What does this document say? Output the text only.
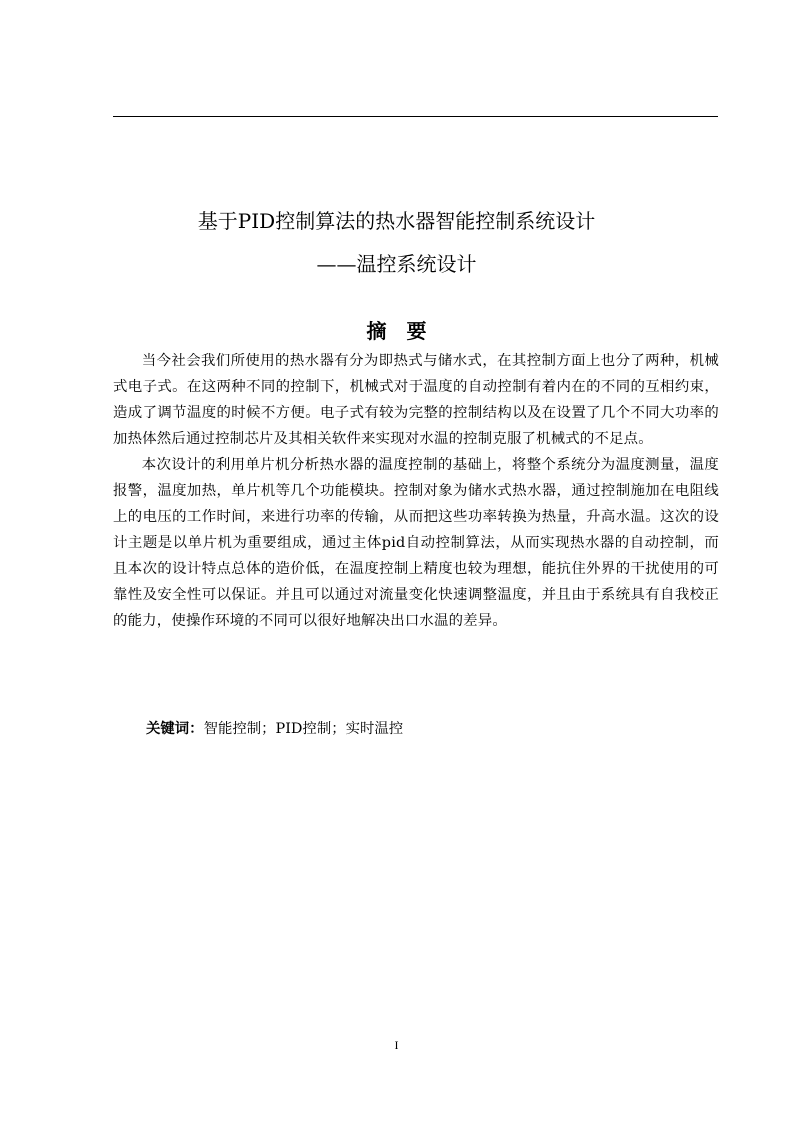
基于PID控制算法的热水器智能控制系统设计
——温控系统设计
摘　要

当今社会我们所使用的热水器有分为即热式与储水式，在其控制方面上也分了两种，机械式电子式。在这两种不同的控制下，机械式对于温度的自动控制有着内在的不同的互相约束，造成了调节温度的时候不方便。电子式有较为完整的控制结构以及在设置了几个不同大功率的加热体然后通过控制芯片及其相关软件来实现对水温的控制克服了机械式的不足点。

本次设计的利用单片机分析热水器的温度控制的基础上，将整个系统分为温度测量，温度报警，温度加热，单片机等几个功能模块。控制对象为储水式热水器，通过控制施加在电阻线上的电压的工作时间，来进行功率的传输，从而把这些功率转换为热量，升高水温。这次的设计主题是以单片机为重要组成，通过主体pid自动控制算法，从而实现热水器的自动控制，而且本次的设计特点总体的造价低，在温度控制上精度也较为理想，能抗住外界的干扰使用的可靠性及安全性可以保证。并且可以通过对流量变化快速调整温度，并且由于系统具有自我校正的能力，使操作环境的不同可以很好地解决出口水温的差异。

关键词：智能控制；PID控制；实时温控
I
